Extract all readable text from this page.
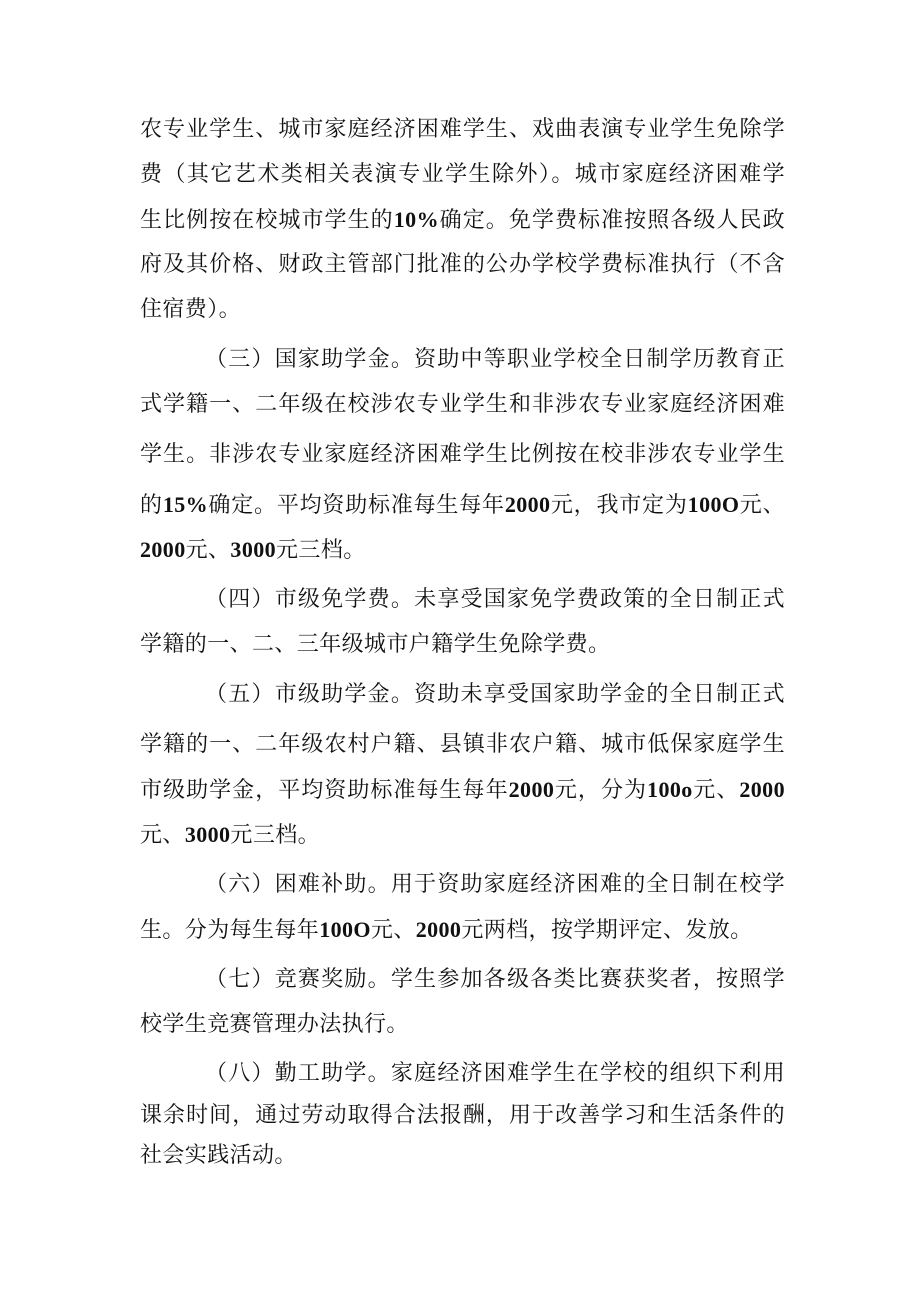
农专业学生、城市家庭经济困难学生、戏曲表演专业学生免除学
费（其它艺术类相关表演专业学生除外）。城市家庭经济困难学
生比例按在校城市学生的10%确定。免学费标准按照各级人民政
府及其价格、财政主管部门批准的公办学校学费标准执行（不含
住宿费）。
（三）国家助学金。资助中等职业学校全日制学历教育正
式学籍一、二年级在校涉农专业学生和非涉农专业家庭经济困难
学生。非涉农专业家庭经济困难学生比例按在校非涉农专业学生
的15%确定。平均资助标准每生每年2000元，我市定为100O元、
2000元、3000元三档。
（四）市级免学费。未享受国家免学费政策的全日制正式
学籍的一、二、三年级城市户籍学生免除学费。
（五）市级助学金。资助未享受国家助学金的全日制正式
学籍的一、二年级农村户籍、县镇非农户籍、城市低保家庭学生
市级助学金，平均资助标准每生每年2000元，分为100o元、2000
元、3000元三档。
（六）困难补助。用于资助家庭经济困难的全日制在校学
生。分为每生每年100O元、2000元两档，按学期评定、发放。
（七）竞赛奖励。学生参加各级各类比赛获奖者，按照学
校学生竞赛管理办法执行。
（八）勤工助学。家庭经济困难学生在学校的组织下利用
课余时间，通过劳动取得合法报酬，用于改善学习和生活条件的
社会实践活动。
